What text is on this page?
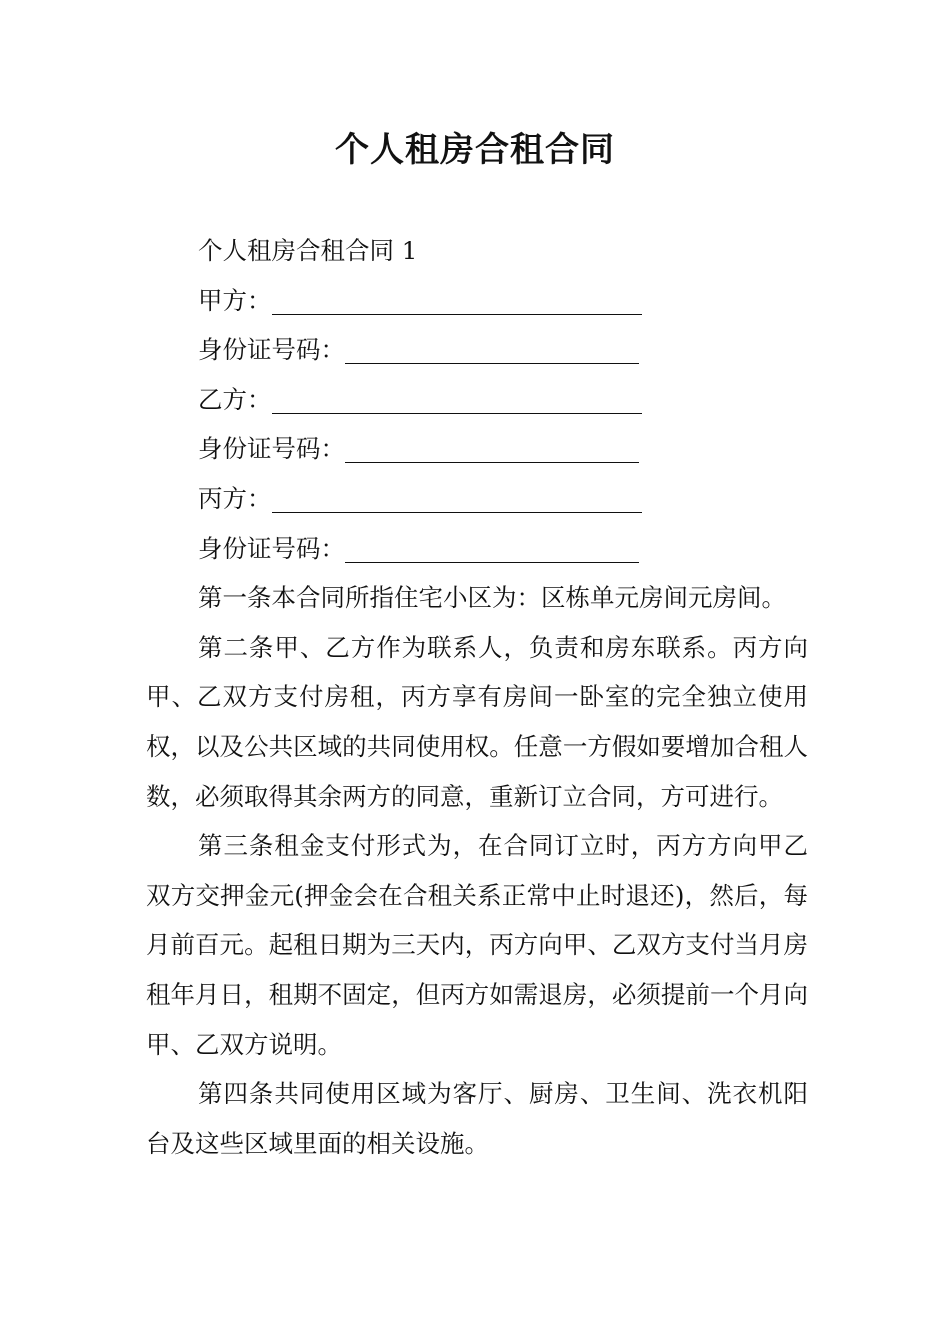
个人租房合租合同
个人租房合租合同 1
甲方：
身份证号码：
乙方：
身份证号码：
丙方：
身份证号码：

第一条本合同所指住宅小区为：区栋单元房间元房间。

第二条甲、乙方作为联系人，负责和房东联系。丙方向甲、乙双方支付房租，丙方享有房间一卧室的完全独立使用权，以及公共区域的共同使用权。任意一方假如要增加合租人数，必须取得其余两方的同意，重新订立合同，方可进行。

第三条租金支付形式为，在合同订立时，丙方方向甲乙双方交押金元(押金会在合租关系正常中止时退还)，然后，每月前百元。起租日期为三天内，丙方向甲、乙双方支付当月房租年月日，租期不固定，但丙方如需退房，必须提前一个月向甲、乙双方说明。

第四条共同使用区域为客厅、厨房、卫生间、洗衣机阳台及这些区域里面的相关设施。
